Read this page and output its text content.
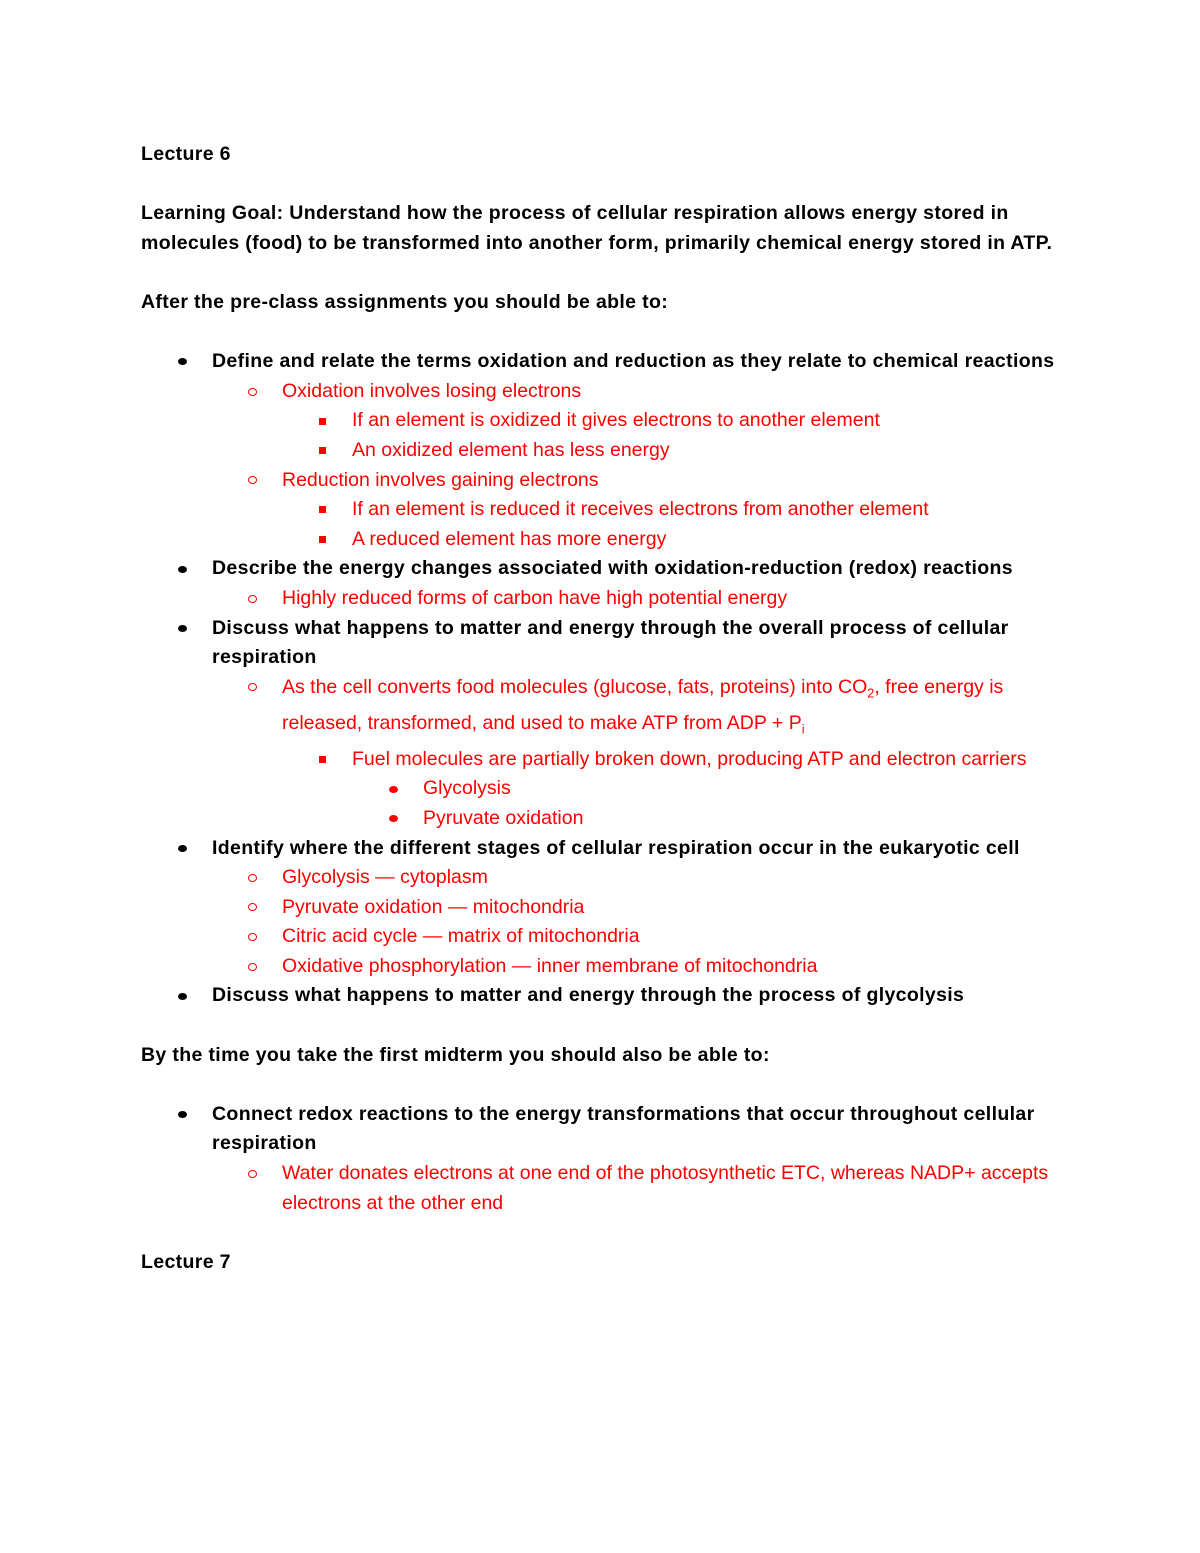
Lecture 6

Learning Goal: Understand how the process of cellular respiration allows energy stored in molecules (food) to be transformed into another form, primarily chemical energy stored in ATP.

After the pre-class assignments you should be able to:

Define and relate the terms oxidation and reduction as they relate to chemical reactions
Oxidation involves losing electrons
If an element is oxidized it gives electrons to another element
An oxidized element has less energy
Reduction involves gaining electrons
If an element is reduced it receives electrons from another element
A reduced element has more energy
Describe the energy changes associated with oxidation-reduction (redox) reactions
Highly reduced forms of carbon have high potential energy
Discuss what happens to matter and energy through the overall process of cellular respiration
As the cell converts food molecules (glucose, fats, proteins) into $CO_2$, free energy is released, transformed, and used to make ATP from ADP + $P_i$
Fuel molecules are partially broken down, producing ATP and electron carriers
Glycolysis
Pyruvate oxidation
Identify where the different stages of cellular respiration occur in the eukaryotic cell
Glycolysis — cytoplasm
Pyruvate oxidation — mitochondria
Citric acid cycle — matrix of mitochondria
Oxidative phosphorylation — inner membrane of mitochondria
Discuss what happens to matter and energy through the process of glycolysis

By the time you take the first midterm you should also be able to:

Connect redox reactions to the energy transformations that occur throughout cellular respiration
Water donates electrons at one end of the photosynthetic ETC, whereas NADP+ accepts electrons at the other end

Lecture 7
